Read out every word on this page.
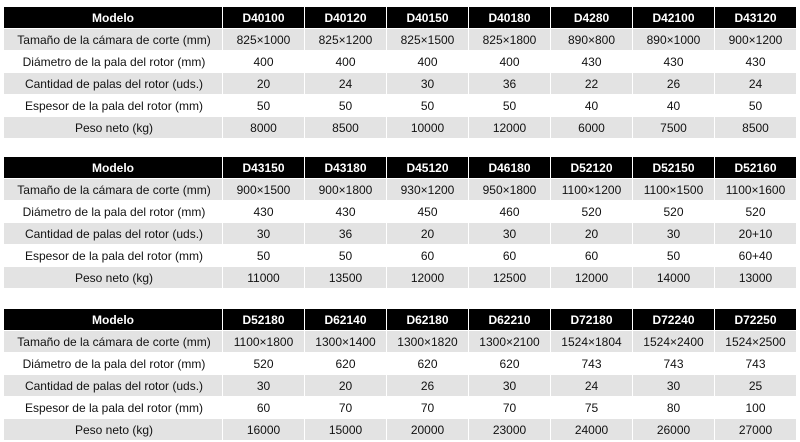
Modelo	D40100	D40120	D40150	D40180	D4280	D42100	D43120
Tamaño de la cámara de corte (mm)	825×1000	825×1200	825×1500	825×1800	890×800	890×1000	900×1200
Diámetro de la pala del rotor (mm)	400	400	400	400	430	430	430
Cantidad de palas del rotor (uds.)	20	24	30	36	22	26	24
Espesor de la pala del rotor (mm)	50	50	50	50	40	40	50
Peso neto (kg)	8000	8500	10000	12000	6000	7500	8500
Modelo	D43150	D43180	D45120	D46180	D52120	D52150	D52160
Tamaño de la cámara de corte (mm)	900×1500	900×1800	930×1200	950×1800	1100×1200	1100×1500	1100×1600
Diámetro de la pala del rotor (mm)	430	430	450	460	520	520	520
Cantidad de palas del rotor (uds.)	30	36	20	30	20	30	20+10
Espesor de la pala del rotor (mm)	50	50	60	60	60	50	60+40
Peso neto (kg)	11000	13500	12000	12500	12000	14000	13000
Modelo	D52180	D62140	D62180	D62210	D72180	D72240	D72250
Tamaño de la cámara de corte (mm)	1100×1800	1300×1400	1300×1820	1300×2100	1524×1804	1524×2400	1524×2500
Diámetro de la pala del rotor (mm)	520	620	620	620	743	743	743
Cantidad de palas del rotor (uds.)	30	20	26	30	24	30	25
Espesor de la pala del rotor (mm)	60	70	70	70	75	80	100
Peso neto (kg)	16000	15000	20000	23000	24000	26000	27000
